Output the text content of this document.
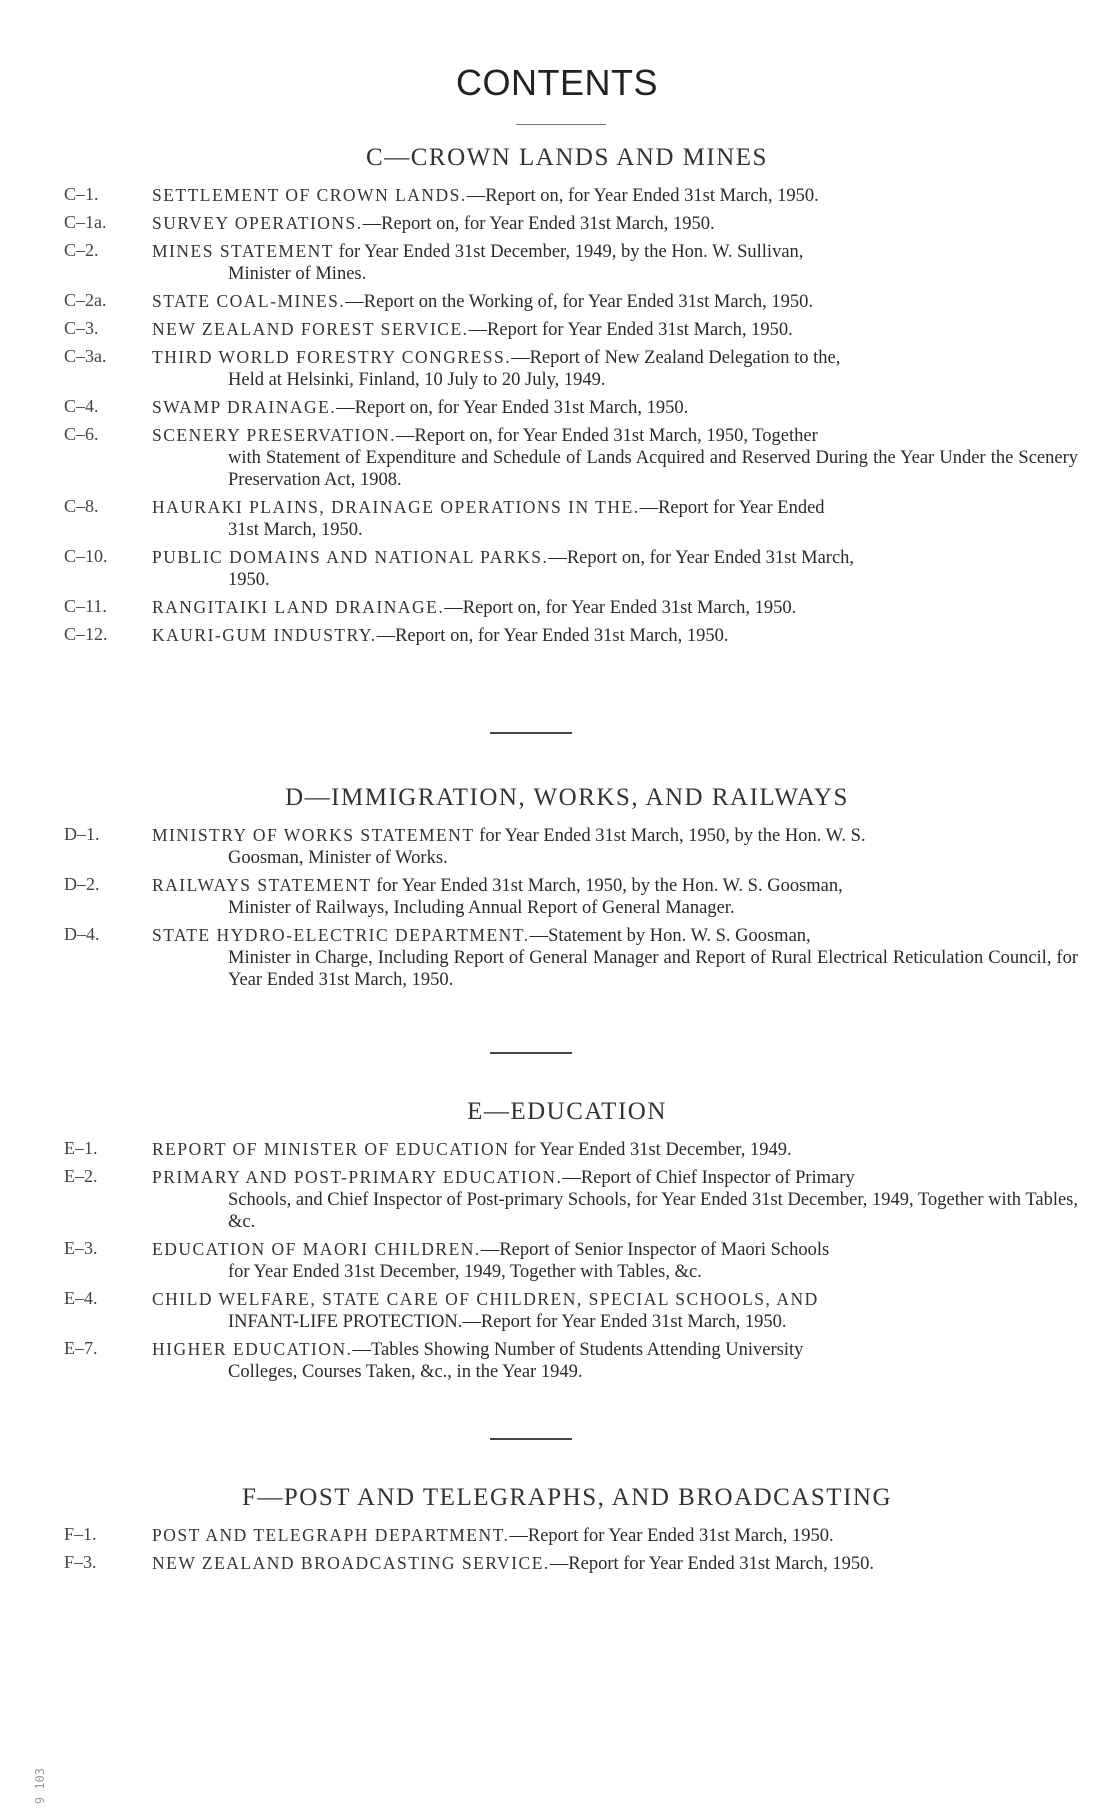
CONTENTS
C—CROWN LANDS AND MINES
C–1.	SETTLEMENT OF CROWN LANDS.—Report on, for Year Ended 31st March, 1950.
C–1a.	SURVEY OPERATIONS.—Report on, for Year Ended 31st March, 1950.
C–2.	MINES STATEMENT for Year Ended 31st December, 1949, by the Hon. W. Sullivan,
Minister of Mines.
C–2a.	STATE COAL-MINES.—Report on the Working of, for Year Ended 31st March, 1950.
C–3.	NEW ZEALAND FOREST SERVICE.—Report for Year Ended 31st March, 1950.
C–3a.	THIRD WORLD FORESTRY CONGRESS.—Report of New Zealand Delegation to the,
Held at Helsinki, Finland, 10 July to 20 July, 1949.
C–4.	SWAMP DRAINAGE.—Report on, for Year Ended 31st March, 1950.
C–6.	SCENERY PRESERVATION.—Report on, for Year Ended 31st March, 1950, Together
with Statement of Expenditure and Schedule of Lands Acquired and Reserved During the Year Under the Scenery Preservation Act, 1908.
C–8.	HAURAKI PLAINS, DRAINAGE OPERATIONS IN THE.—Report for Year Ended
31st March, 1950.
C–10.	PUBLIC DOMAINS AND NATIONAL PARKS.—Report on, for Year Ended 31st March,
1950.
C–11.	RANGITAIKI LAND DRAINAGE.—Report on, for Year Ended 31st March, 1950.
C–12.	KAURI-GUM INDUSTRY.—Report on, for Year Ended 31st March, 1950.
D—IMMIGRATION, WORKS, AND RAILWAYS
D–1.	MINISTRY OF WORKS STATEMENT for Year Ended 31st March, 1950, by the Hon. W. S.
Goosman, Minister of Works.
D–2.	RAILWAYS STATEMENT for Year Ended 31st March, 1950, by the Hon. W. S. Goosman,
Minister of Railways, Including Annual Report of General Manager.
D–4.	STATE HYDRO-ELECTRIC DEPARTMENT.—Statement by Hon. W. S. Goosman,
Minister in Charge, Including Report of General Manager and Report of Rural Electrical Reticulation Council, for Year Ended 31st March, 1950.
E—EDUCATION
E–1.	REPORT OF MINISTER OF EDUCATION for Year Ended 31st December, 1949.
E–2.	PRIMARY AND POST-PRIMARY EDUCATION.—Report of Chief Inspector of Primary
Schools, and Chief Inspector of Post-primary Schools, for Year Ended 31st December, 1949, Together with Tables, &c.
E–3.	EDUCATION OF MAORI CHILDREN.—Report of Senior Inspector of Maori Schools
for Year Ended 31st December, 1949, Together with Tables, &c.
E–4.	CHILD WELFARE, STATE CARE OF CHILDREN, SPECIAL SCHOOLS, AND
INFANT-LIFE PROTECTION.—Report for Year Ended 31st March, 1950.
E–7.	HIGHER EDUCATION.—Tables Showing Number of Students Attending University
Colleges, Courses Taken, &c., in the Year 1949.
F—POST AND TELEGRAPHS, AND BROADCASTING
F–1.	POST AND TELEGRAPH DEPARTMENT.—Report for Year Ended 31st March, 1950.
F–3.	NEW ZEALAND BROADCASTING SERVICE.—Report for Year Ended 31st March, 1950.
9 103
